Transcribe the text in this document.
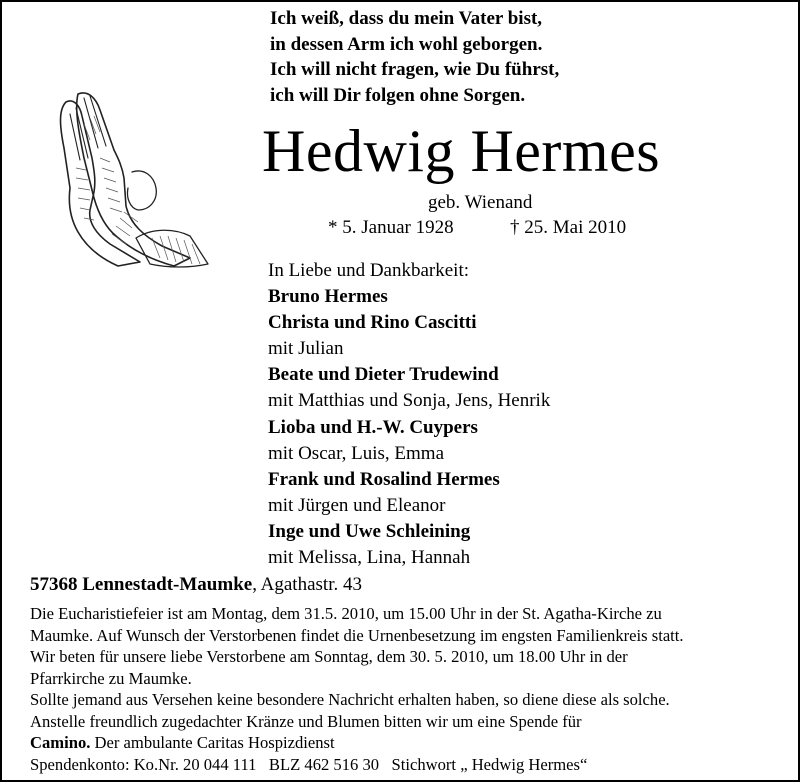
Ich weiß, dass du mein Vater bist,
in dessen Arm ich wohl geborgen.
Ich will nicht fragen, wie Du führst,
ich will Dir folgen ohne Sorgen.
Hedwig Hermes
geb. Wienand
* 5. Januar 1928	† 25. Mai 2010
In Liebe und Dankbarkeit:
Bruno Hermes
Christa und Rino Cascitti
mit Julian
Beate und Dieter Trudewind
mit Matthias und Sonja, Jens, Henrik
Lioba und H.-W. Cuypers
mit Oscar, Luis, Emma
Frank und Rosalind Hermes
mit Jürgen und Eleanor
Inge und Uwe Schleining
mit Melissa, Lina, Hannah
57368 Lennestadt-Maumke, Agathastr. 43
Die Eucharistiefeier ist am Montag, dem 31.5. 2010, um 15.00 Uhr in der St. Agatha-Kirche zu
Maumke. Auf Wunsch der Verstorbenen findet die Urnenbesetzung im engsten Familienkreis statt.
Wir beten für unsere liebe Verstorbene am Sonntag, dem 30. 5. 2010, um 18.00 Uhr in der
Pfarrkirche zu Maumke.
Sollte jemand aus Versehen keine besondere Nachricht erhalten haben, so diene diese als solche.
Anstelle freundlich zugedachter Kränze und Blumen bitten wir um eine Spende für
Camino. Der ambulante Caritas Hospizdienst
Spendenkonto: Ko.Nr. 20 044 111   BLZ 462 516 30   Stichwort „ Hedwig Hermes“
